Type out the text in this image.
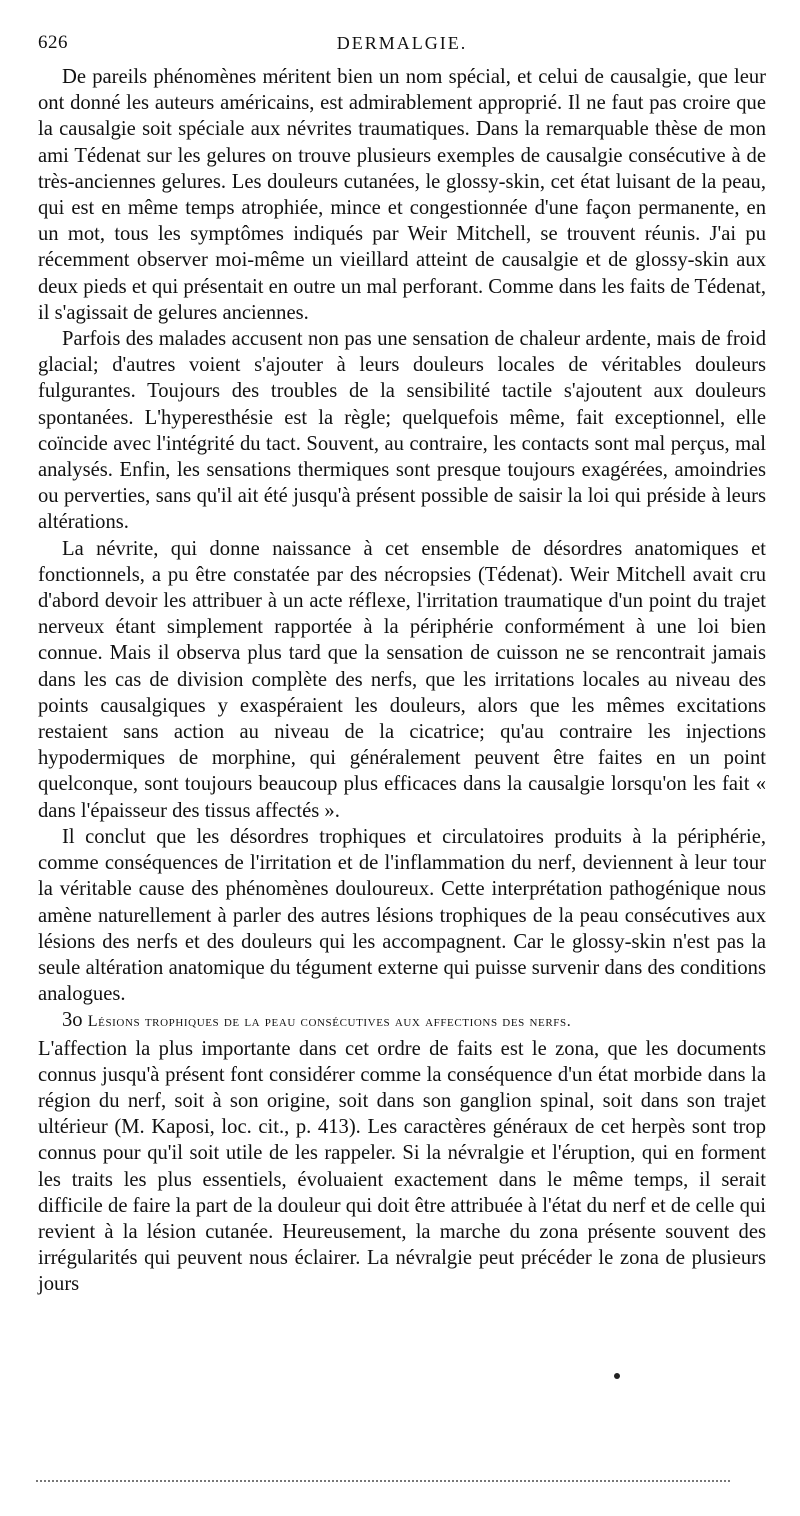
626	DERMALGIE.

De pareils phénomènes méritent bien un nom spécial, et celui de causalgie, que leur ont donné les auteurs américains, est admirablement approprié. Il ne faut pas croire que la causalgie soit spéciale aux névrites traumatiques. Dans la remarquable thèse de mon ami Tédenat sur les gelures on trouve plusieurs exemples de causalgie consécutive à de très-anciennes gelures. Les douleurs cutanées, le glossy-skin, cet état luisant de la peau, qui est en même temps atrophiée, mince et congestionnée d'une façon permanente, en un mot, tous les symptômes indiqués par Weir Mitchell, se trouvent réunis. J'ai pu récemment observer moi-même un vieillard atteint de causalgie et de glossy-skin aux deux pieds et qui présentait en outre un mal perforant. Comme dans les faits de Tédenat, il s'agissait de gelures anciennes.

Parfois des malades accusent non pas une sensation de chaleur ardente, mais de froid glacial; d'autres voient s'ajouter à leurs douleurs locales de véritables douleurs fulgurantes. Toujours des troubles de la sensibilité tactile s'ajoutent aux douleurs spontanées. L'hyperesthésie est la règle; quelquefois même, fait exceptionnel, elle coïncide avec l'intégrité du tact. Souvent, au contraire, les contacts sont mal perçus, mal analysés. Enfin, les sensations thermiques sont presque toujours exagérées, amoindries ou perverties, sans qu'il ait été jusqu'à présent possible de saisir la loi qui préside à leurs altérations.

La névrite, qui donne naissance à cet ensemble de désordres anatomiques et fonctionnels, a pu être constatée par des nécropsies (Tédenat). Weir Mitchell avait cru d'abord devoir les attribuer à un acte réflexe, l'irritation traumatique d'un point du trajet nerveux étant simplement rapportée à la périphérie conformément à une loi bien connue. Mais il observa plus tard que la sensation de cuisson ne se rencontrait jamais dans les cas de division complète des nerfs, que les irritations locales au niveau des points causalgiques y exaspéraient les douleurs, alors que les mêmes excitations restaient sans action au niveau de la cicatrice; qu'au contraire les injections hypodermiques de morphine, qui généralement peuvent être faites en un point quelconque, sont toujours beaucoup plus efficaces dans la causalgie lorsqu'on les fait « dans l'épaisseur des tissus affectés ».

Il conclut que les désordres trophiques et circulatoires produits à la périphérie, comme conséquences de l'irritation et de l'inflammation du nerf, deviennent à leur tour la véritable cause des phénomènes douloureux. Cette interprétation pathogénique nous amène naturellement à parler des autres lésions trophiques de la peau consécutives aux lésions des nerfs et des douleurs qui les accompagnent. Car le glossy-skin n'est pas la seule altération anatomique du tégument externe qui puisse survenir dans des conditions analogues.

3o Lésions trophiques de la peau consécutives aux affections des nerfs.

L'affection la plus importante dans cet ordre de faits est le zona, que les documents connus jusqu'à présent font considérer comme la conséquence d'un état morbide dans la région du nerf, soit à son origine, soit dans son ganglion spinal, soit dans son trajet ultérieur (M. Kaposi, loc. cit., p. 413). Les caractères généraux de cet herpès sont trop connus pour qu'il soit utile de les rappeler. Si la névralgie et l'éruption, qui en forment les traits les plus essentiels, évoluaient exactement dans le même temps, il serait difficile de faire la part de la douleur qui doit être attribuée à l'état du nerf et de celle qui revient à la lésion cutanée. Heureusement, la marche du zona présente souvent des irrégularités qui peuvent nous éclairer. La névralgie peut précéder le zona de plusieurs jours
